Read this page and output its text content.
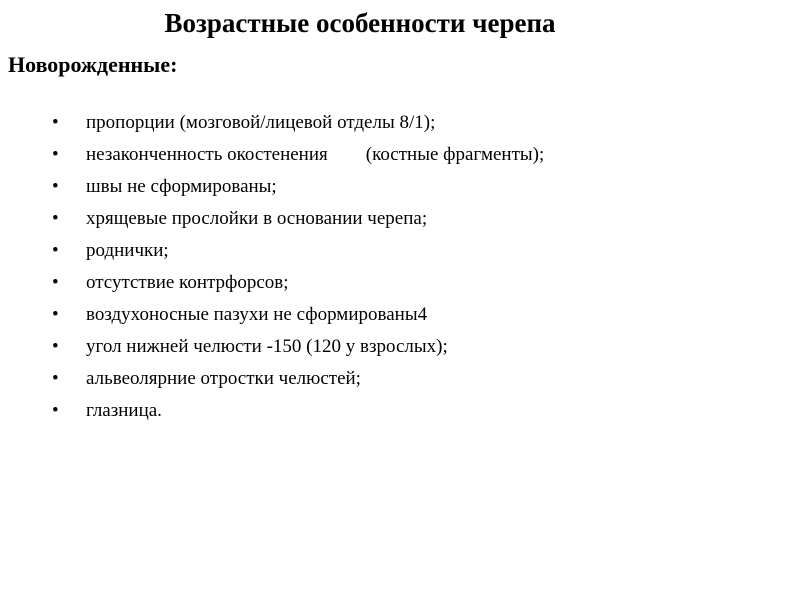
Возрастные особенности черепа
Новорожденные:

•

пропорции (мозговой/лицевой отделы 8/1);

•

незаконченность окостенения        (костные фрагменты);

•

швы не сформированы;

•

хрящевые прослойки в основании черепа;

•

роднички;

•

отсутствие контрфорсов;

•

воздухоносные пазухи не сформированы4

•

угол нижней челюсти -150 (120 у взрослых);

•

альвеолярние отростки челюстей;

•

глазница.
